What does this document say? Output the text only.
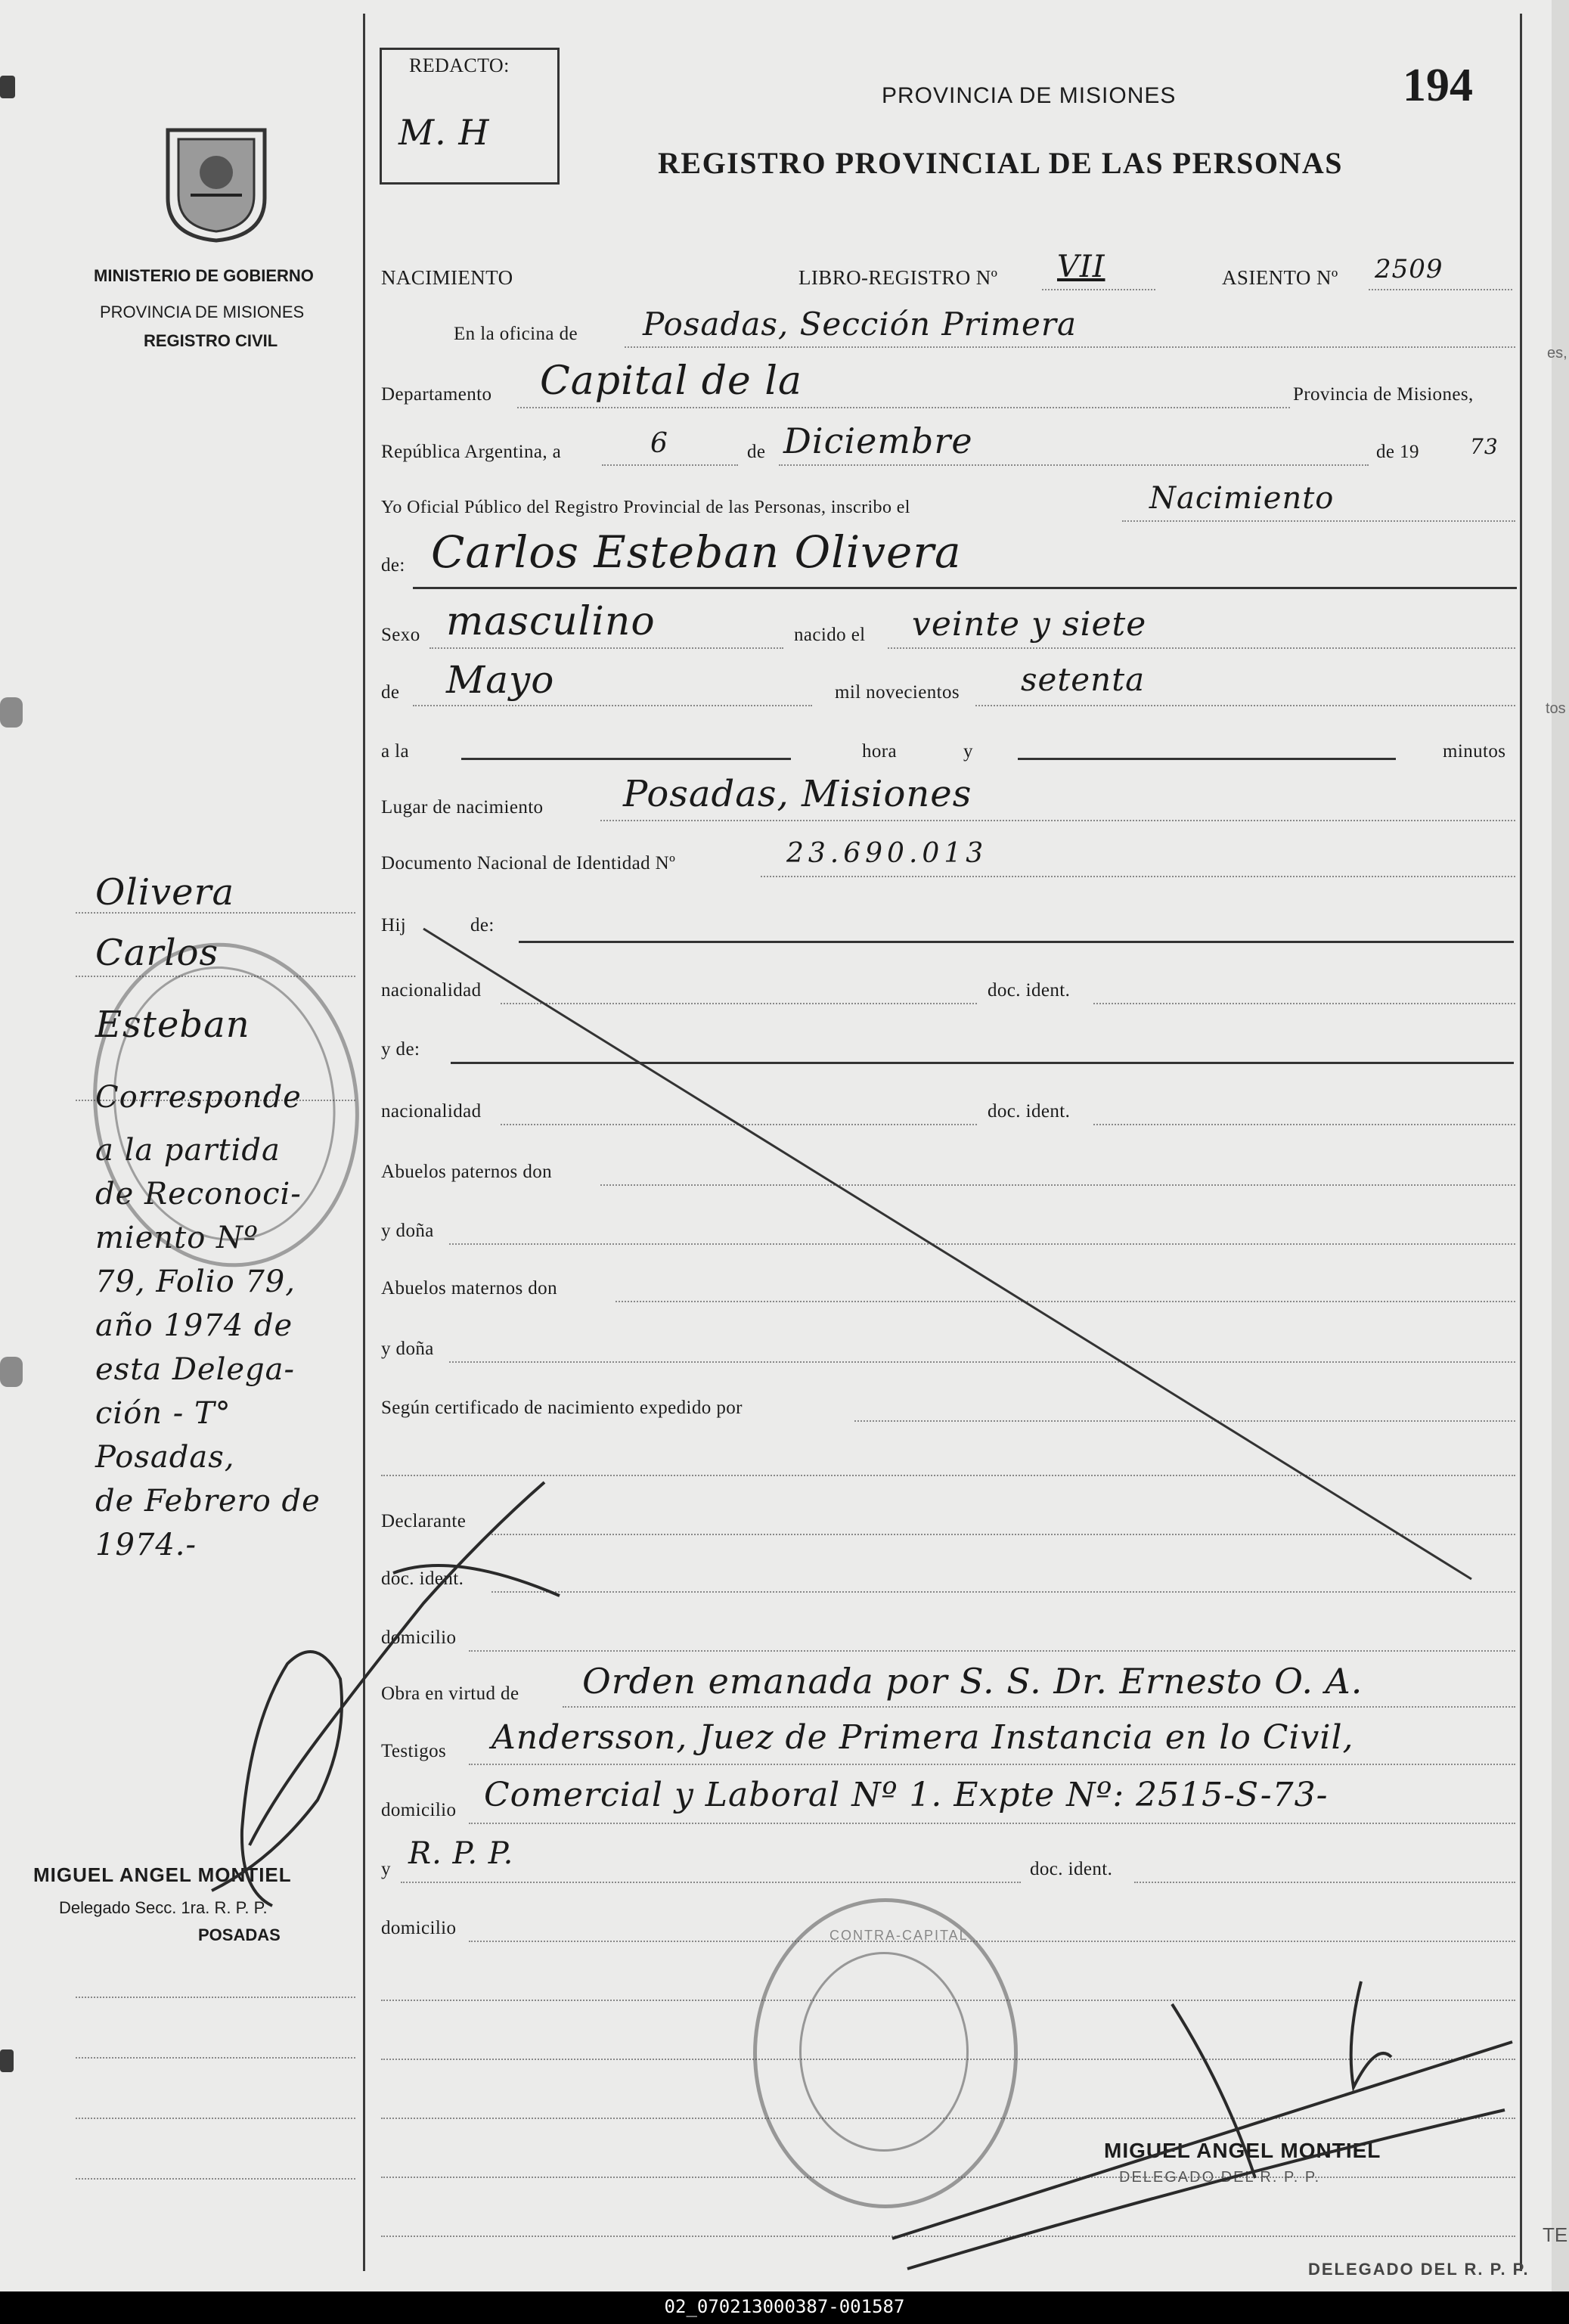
REDACTO:
M. H
PROVINCIA DE MISIONES
REGISTRO PROVINCIAL DE LAS PERSONAS
194
MINISTERIO DE GOBIERNO
PROVINCIA DE MISIONES
REGISTRO CIVIL
NACIMIENTO	LIBRO-REGISTRO Nº VII	ASIENTO Nº 2509
En la oficina de Posadas, Sección Primera
Departamento Capital de la	Provincia de Misiones,
República Argentina, a	6	de Diciembre	de 19 73
Yo Oficial Público del Registro Provincial de las Personas, inscribo el	Nacimiento
de: Carlos Esteban Olivera
Sexo masculino	nacido el veinte y siete
de Mayo	mil novecientos setenta
a la	hora	y	minutos
Lugar de nacimiento Posadas, Misiones
Documento Nacional de Identidad Nº	23.690.013
Hij	de:
nacionalidad	doc. ident.
y de:
nacionalidad	doc. ident.
Abuelos paternos don
y doña
Abuelos maternos don
y doña
Según certificado de nacimiento expedido por
Declarante
doc. ident.
domicilio
Obra en virtud de Orden emanada por S. S. Dr. Ernesto O. A.
Testigos Andersson, Juez de Primera Instancia en lo Civil,
domicilio Comercial y Laboral Nº 1. Expte Nº: 2515-S-73-
y R. P. P.	doc. ident.
domicilio
Olivera
Carlos
Esteban
Corresponde
a la partida
de Reconoci-
miento Nº
79, Folio 79,
año 1974 de
esta Delega-
ción - T°
Posadas,
de Febrero de
1974.-
MIGUEL ANGEL MONTIEL
Delegado Secc. 1ra. R. P. P.
POSADAS	CONTRA-CAPITAL
MIGUEL ANGEL MONTIEL
DELEGADO DEL R. P. P.
DELEGADO DEL R. P. P.
es,
tos
TE
02_070213000387-001587
